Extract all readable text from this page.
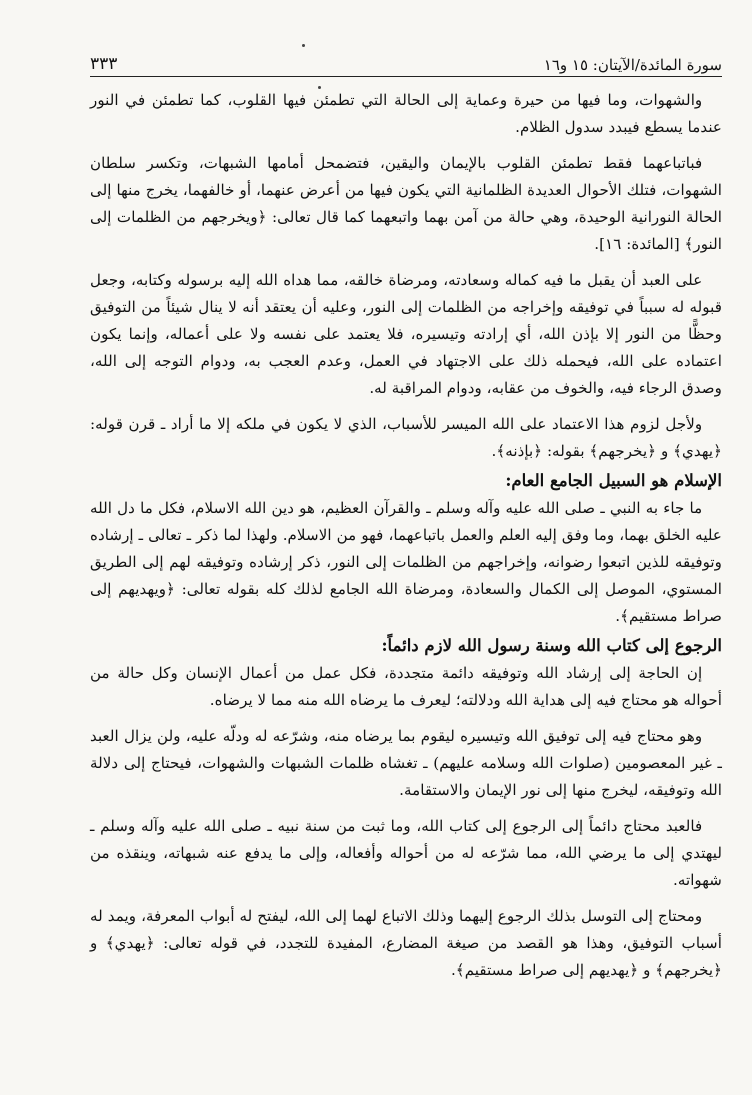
سورة المائدة/الآيتان: ١٥ و١٦
٣٣٣

والشهوات، وما فيها من حيرة وعماية إلى الحالة التي تطمئن فيها القلوب، كما تطمئن في النور عندما يسطع فيبدد سدول الظلام.

فباتباعهما فقط تطمئن القلوب بالإيمان واليقين، فتضمحل أمامها الشبهات، وتكسر سلطان الشهوات، فتلك الأحوال العديدة الظلمانية التي يكون فيها من أعرض عنهما، أو خالفهما، يخرج منها إلى الحالة النورانية الوحيدة، وهي حالة من آمن بهما واتبعهما كما قال تعالى: ﴿ويخرجهم من الظلمات إلى النور﴾ [المائدة: ١٦].

على العبد أن يقبل ما فيه كماله وسعادته، ومرضاة خالقه، مما هداه الله إليه برسوله وكتابه، وجعل قبوله له سبباً في توفيقه وإخراجه من الظلمات إلى النور، وعليه أن يعتقد أنه لا ينال شيئاً من التوفيق وحظًّا من النور إلا بإذن الله، أي إرادته وتيسيره، فلا يعتمد على نفسه ولا على أعماله، وإنما يكون اعتماده على الله، فيحمله ذلك على الاجتهاد في العمل، وعدم العجب به، ودوام التوجه إلى الله، وصدق الرجاء فيه، والخوف من عقابه، ودوام المراقبة له.

ولأجل لزوم هذا الاعتماد على الله الميسر للأسباب، الذي لا يكون في ملكه إلا ما أراد ـ قرن قوله: ﴿يهدي﴾ و ﴿يخرجهم﴾ بقوله: ﴿بإذنه﴾.

الإسلام هو السبيل الجامع العام:

ما جاء به النبي ـ صلى الله عليه وآله وسلم ـ والقرآن العظيم، هو دين الله الاسلام، فكل ما دل الله عليه الخلق بهما، وما وفق إليه العلم والعمل باتباعهما، فهو من الاسلام. ولهذا لما ذكر ـ تعالى ـ إرشاده وتوفيقه للذين اتبعوا رضوانه، وإخراجهم من الظلمات إلى النور، ذكر إرشاده وتوفيقه لهم إلى الطريق المستوي، الموصل إلى الكمال والسعادة، ومرضاة الله الجامع لذلك كله بقوله تعالى: ﴿ويهديهم إلى صراط مستقيم﴾.

الرجوع إلى كتاب الله وسنة رسول الله لازم دائماً:

إن الحاجة إلى إرشاد الله وتوفيقه دائمة متجددة، فكل عمل من أعمال الإنسان وكل حالة من أحواله هو محتاج فيه إلى هداية الله ودلالته؛ ليعرف ما يرضاه الله منه مما لا يرضاه.

وهو محتاج فيه إلى توفيق الله وتيسيره ليقوم بما يرضاه منه، وشرّعه له ودلّه عليه، ولن يزال العبد ـ غير المعصومين (صلوات الله وسلامه عليهم) ـ تغشاه ظلمات الشبهات والشهوات، فيحتاج إلى دلالة الله وتوفيقه، ليخرج منها إلى نور الإيمان والاستقامة.

فالعبد محتاج دائماً إلى الرجوع إلى كتاب الله، وما ثبت من سنة نبيه ـ صلى الله عليه وآله وسلم ـ ليهتدي إلى ما يرضي الله، مما شرّعه له من أحواله وأفعاله، وإلى ما يدفع عنه شبهاته، وينقذه من شهواته.

ومحتاج إلى التوسل بذلك الرجوع إليهما وذلك الاتباع لهما إلى الله، ليفتح له أبواب المعرفة، ويمد له أسباب التوفيق، وهذا هو القصد من صيغة المضارع، المفيدة للتجدد، في قوله تعالى: ﴿يهدي﴾ و ﴿يخرجهم﴾ و ﴿يهديهم إلى صراط مستقيم﴾.
